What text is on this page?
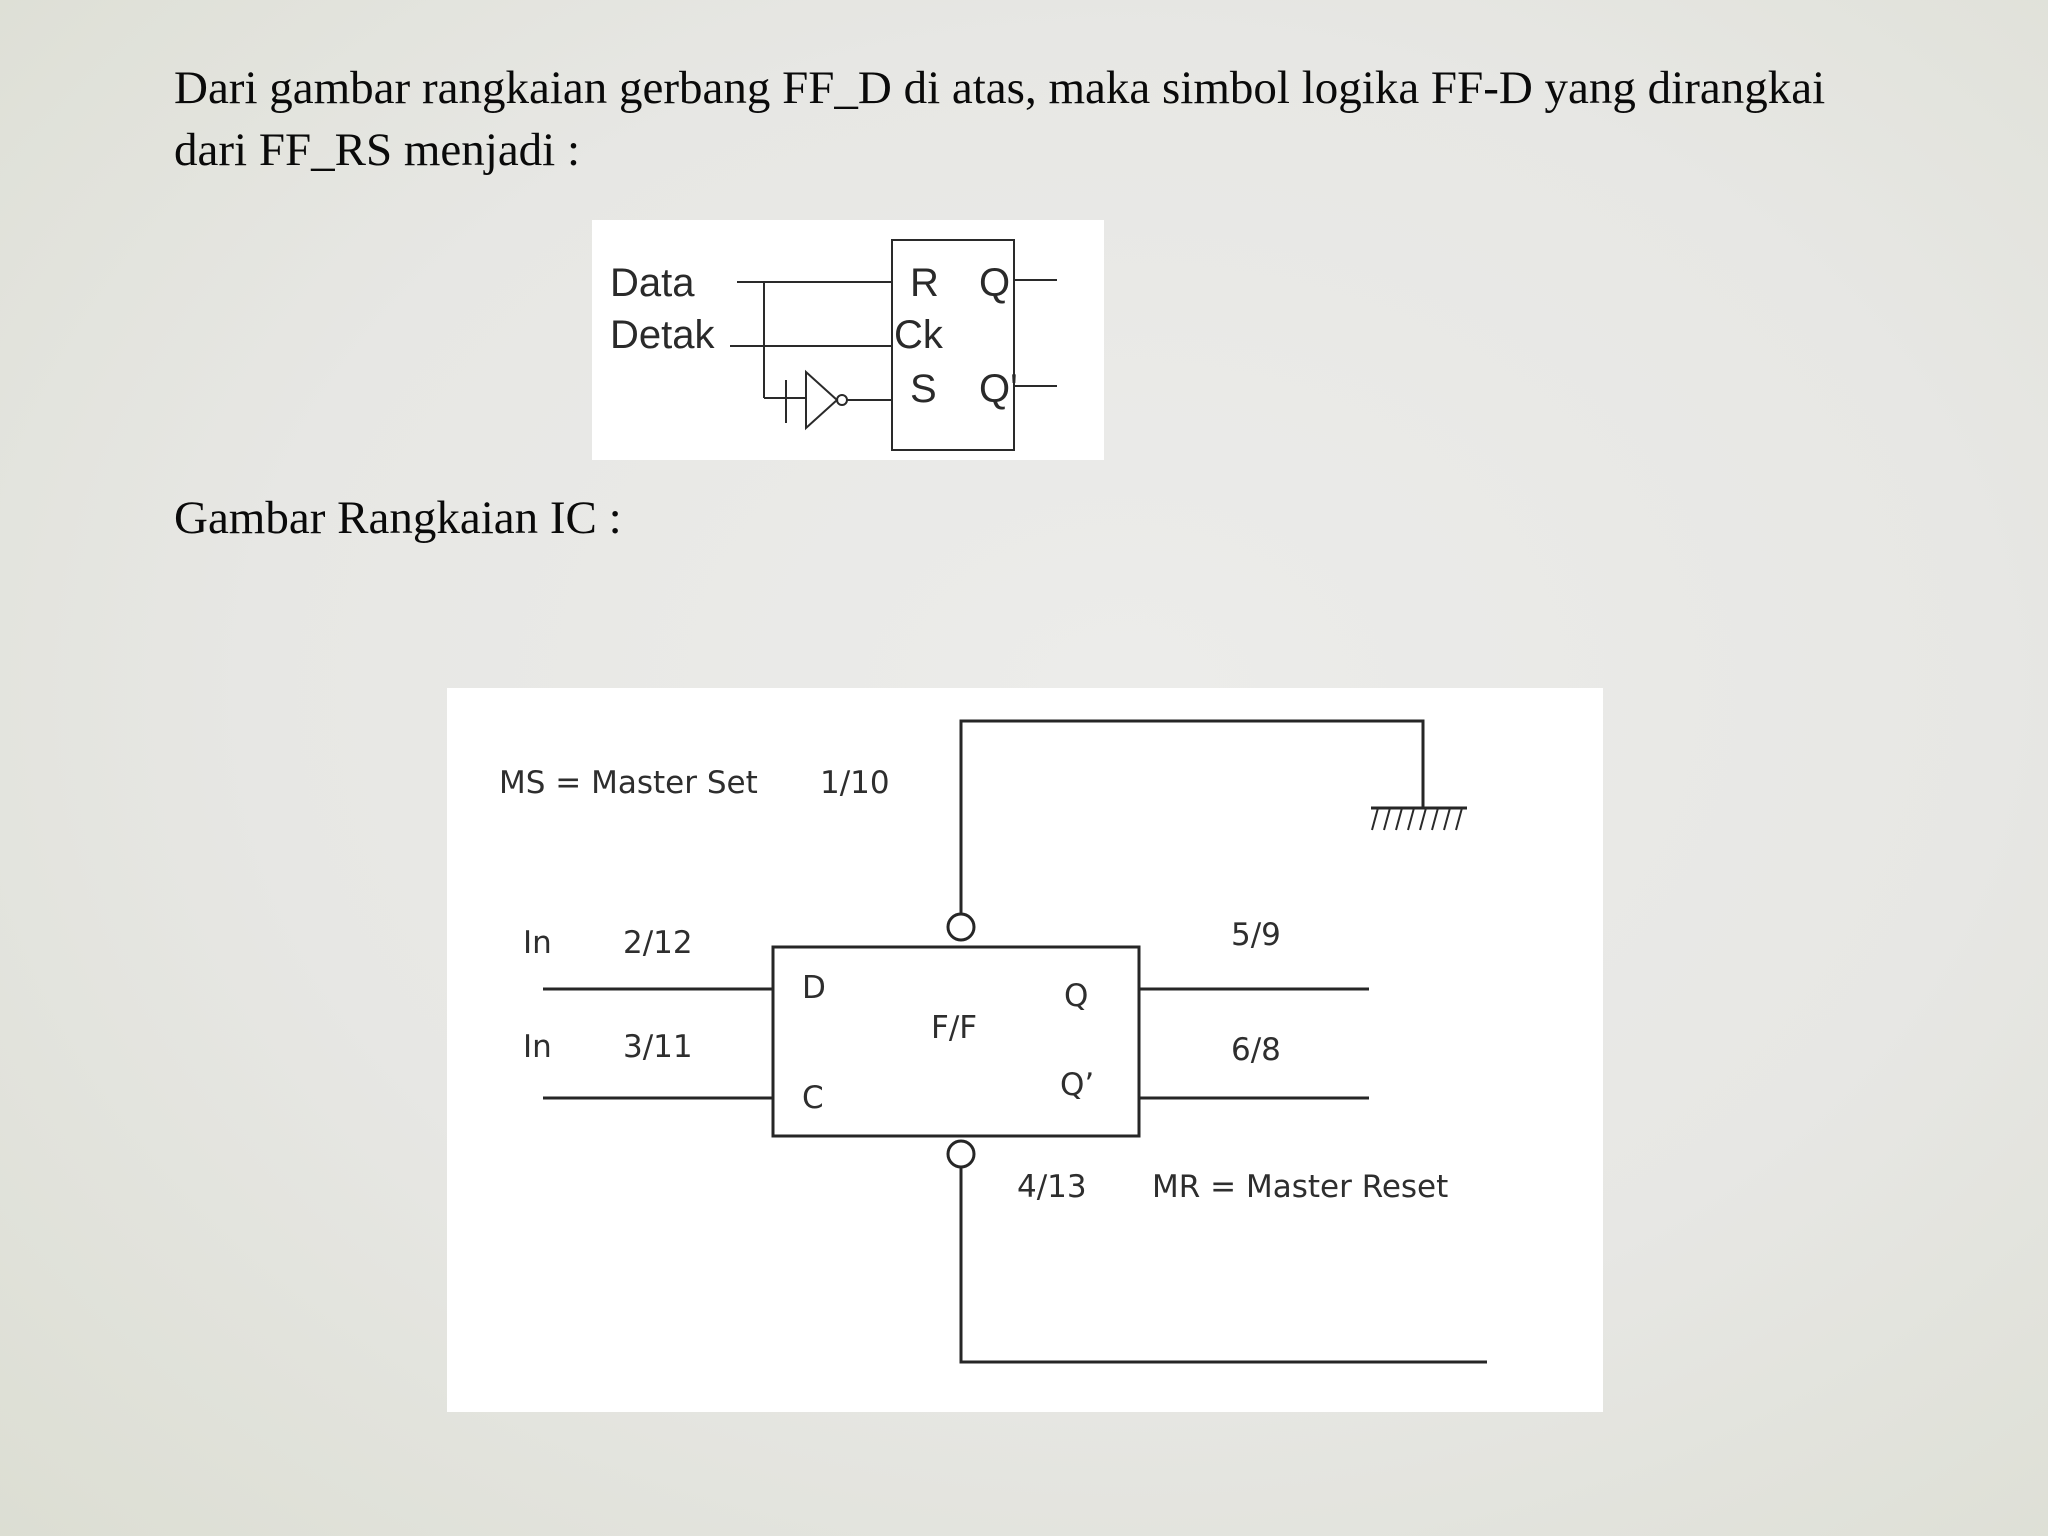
Dari gambar rangkaian gerbang FF_D di atas, maka simbol logika FF-D yang dirangkai dari FF_RS menjadi :

Data
Detak
R
Ck
S
Q
Q'

Gambar Rangkaian IC :

MS = Master Set 1/10
In 2/12
In 3/11
D
C
F/F
Q
Q’
5/9
6/8
4/13 MR = Master Reset
